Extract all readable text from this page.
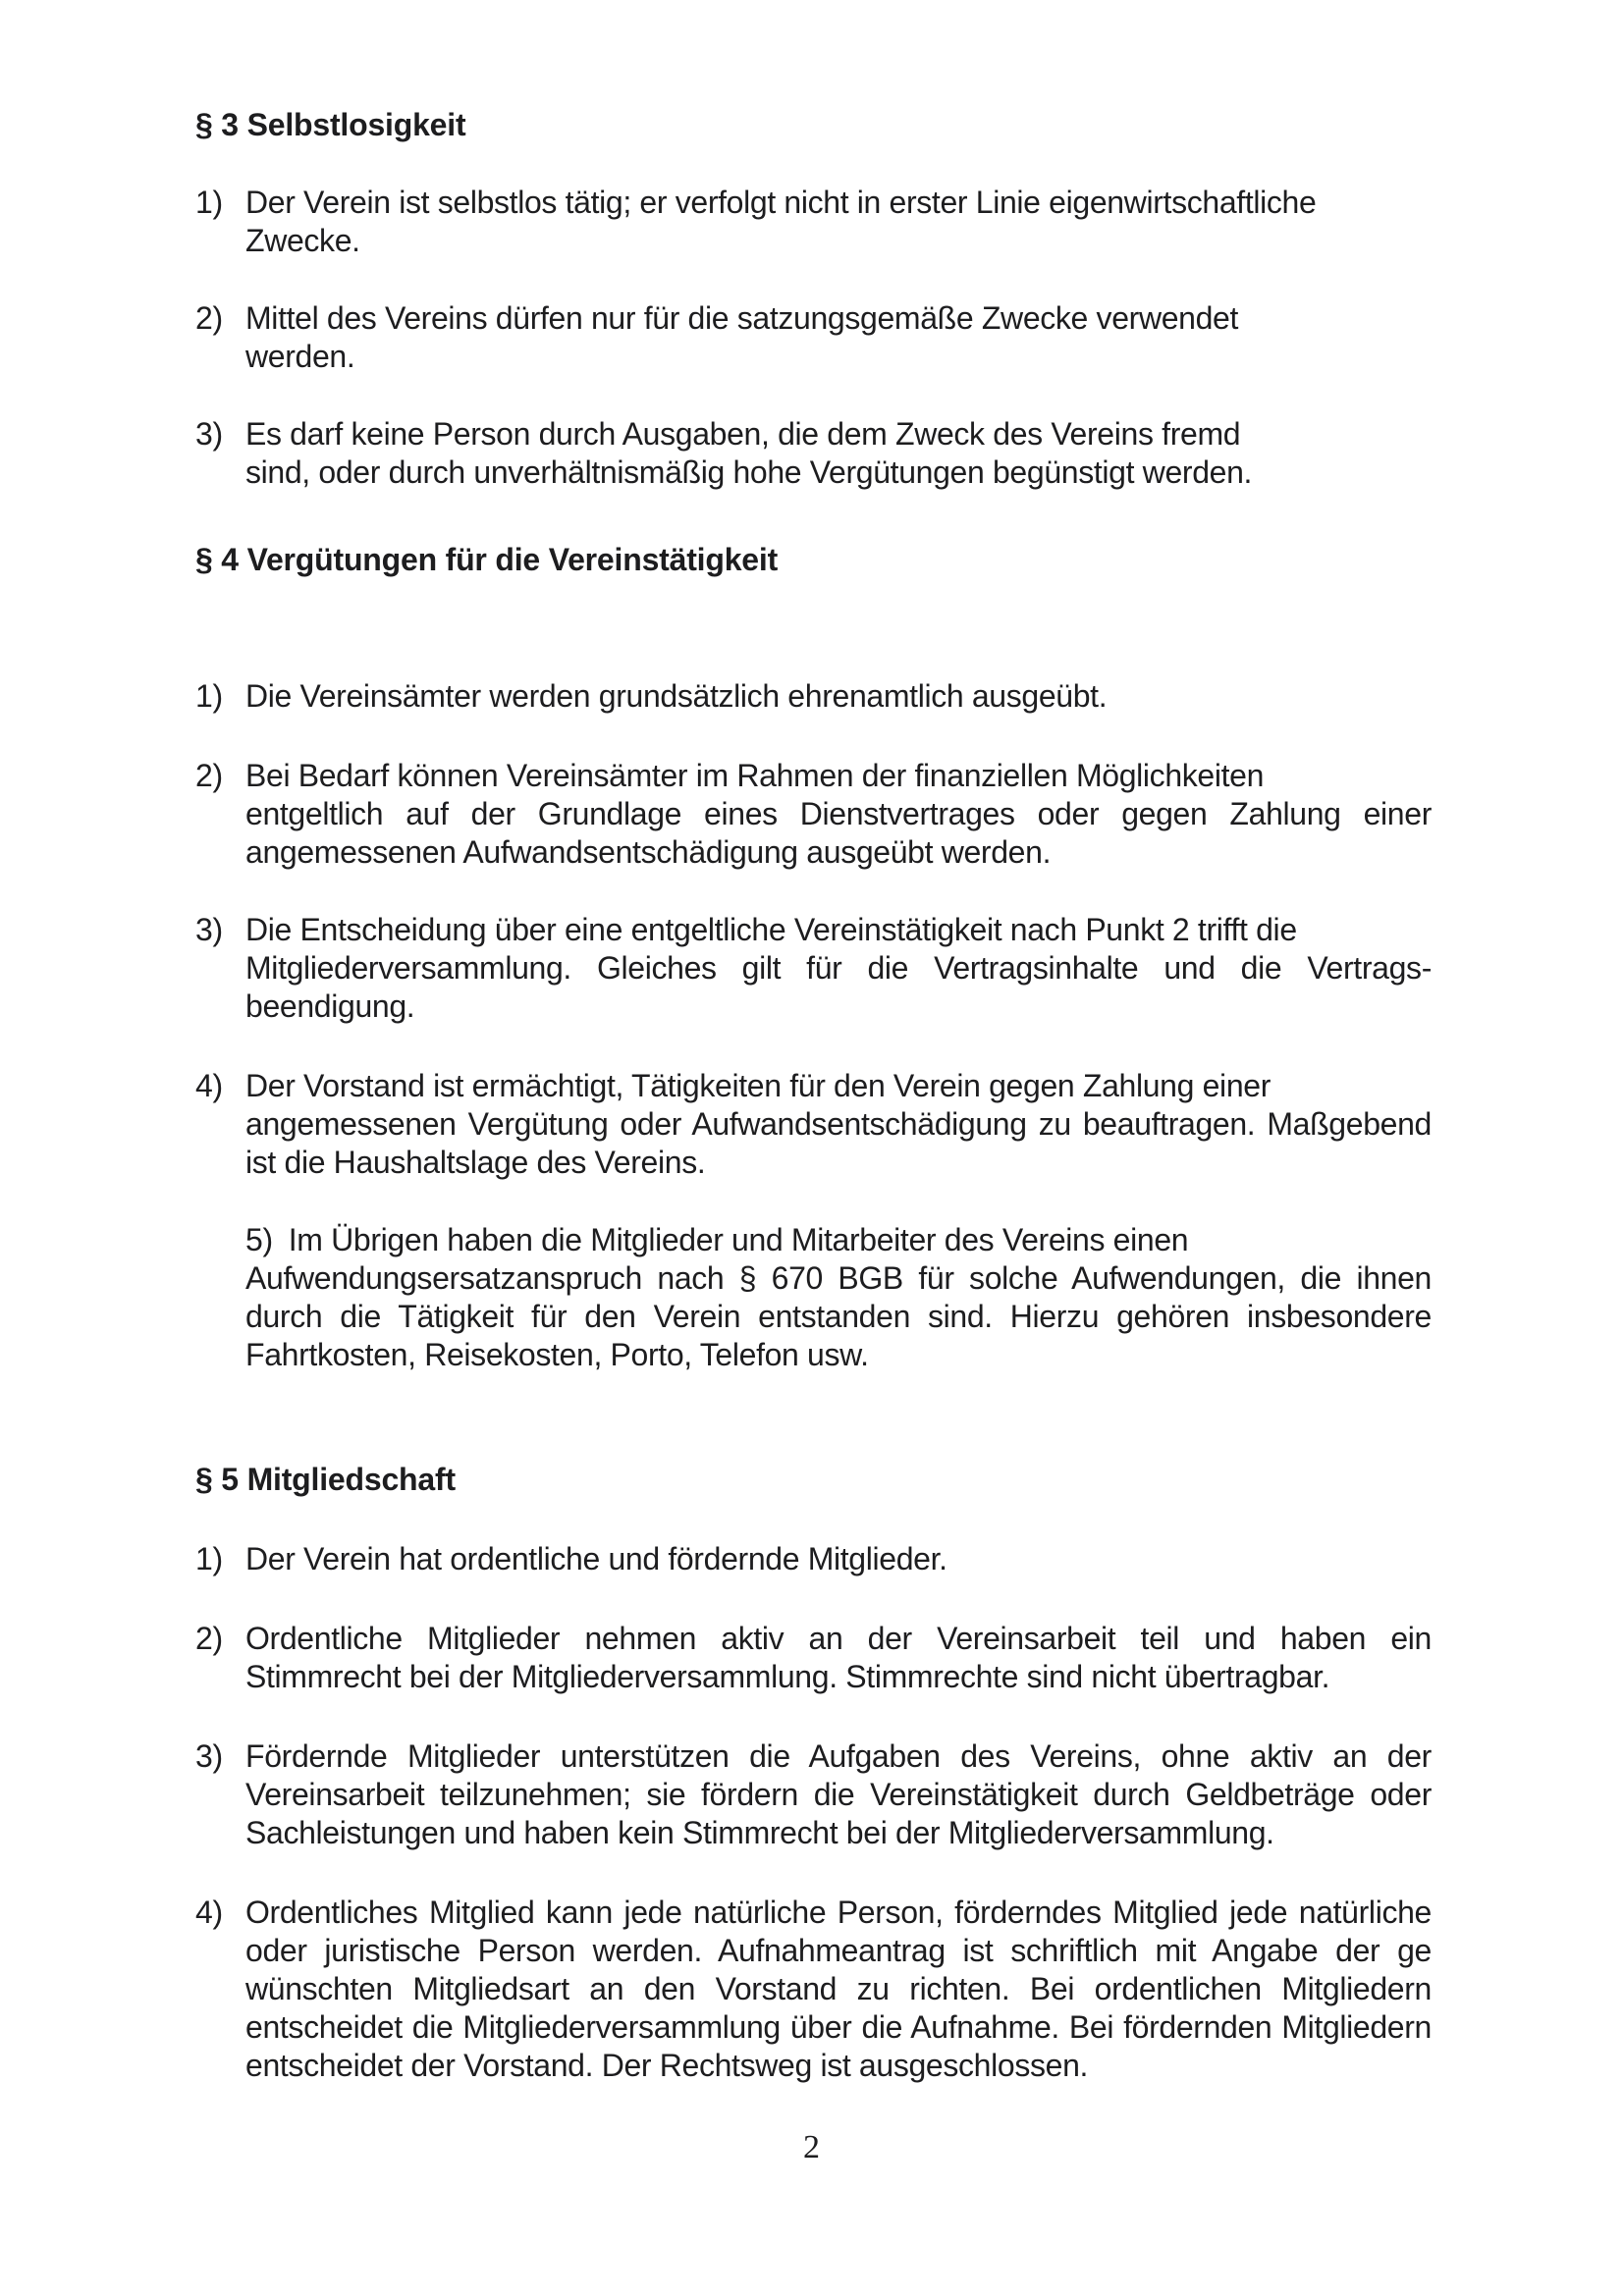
§ 3 Selbstlosigkeit
1) Der Verein ist selbstlos tätig; er verfolgt nicht in erster Linie eigenwirtschaftliche
Zwecke.
2) Mittel des Vereins dürfen nur für die satzungsgemäße Zwecke verwendet
werden.
3) Es darf keine Person durch Ausgaben, die dem Zweck des Vereins fremd
sind, oder durch unverhältnismäßig hohe Vergütungen begünstigt werden.
§ 4 Vergütungen für die Vereinstätigkeit
1) Die Vereinsämter werden grundsätzlich ehrenamtlich ausgeübt.
2) Bei Bedarf können Vereinsämter im Rahmen der finanziellen Möglichkeiten
entgeltlich auf der Grundlage eines Dienstvertrages oder gegen Zahlung einer
angemessenen Aufwandsentschädigung ausgeübt werden.
3) Die Entscheidung über eine entgeltliche Vereinstätigkeit nach Punkt 2 trifft die
Mitgliederversammlung. Gleiches gilt für die Vertragsinhalte und die Vertrags-
beendigung.
4) Der Vorstand ist ermächtigt, Tätigkeiten für den Verein gegen Zahlung einer
angemessenen Vergütung oder Aufwandsentschädigung zu beauftragen. Maßgebend
ist die Haushaltslage des Vereins.
5) Im Übrigen haben die Mitglieder und Mitarbeiter des Vereins einen
Aufwendungsersatzanspruch nach § 670 BGB für solche Aufwendungen, die ihnen
durch die Tätigkeit für den Verein entstanden sind. Hierzu gehören insbesondere
Fahrtkosten, Reisekosten, Porto, Telefon usw.
§ 5 Mitgliedschaft
1) Der Verein hat ordentliche und fördernde Mitglieder.
2) Ordentliche Mitglieder nehmen aktiv an der Vereinsarbeit teil und haben ein
Stimmrecht bei der Mitgliederversammlung. Stimmrechte sind nicht übertragbar.
3) Fördernde Mitglieder unterstützen die Aufgaben des Vereins, ohne aktiv an der
Vereinsarbeit teilzunehmen; sie fördern die Vereinstätigkeit durch Geldbeträge oder
Sachleistungen und haben kein Stimmrecht bei der Mitgliederversammlung.
4) Ordentliches Mitglied kann jede natürliche Person, förderndes Mitglied jede natürliche
oder juristische Person werden. Aufnahmeantrag ist schriftlich mit Angabe der ge
wünschten Mitgliedsart an den Vorstand zu richten. Bei ordentlichen Mitgliedern
entscheidet die Mitgliederversammlung über die Aufnahme. Bei fördernden Mitgliedern
entscheidet der Vorstand. Der Rechtsweg ist ausgeschlossen.
2
